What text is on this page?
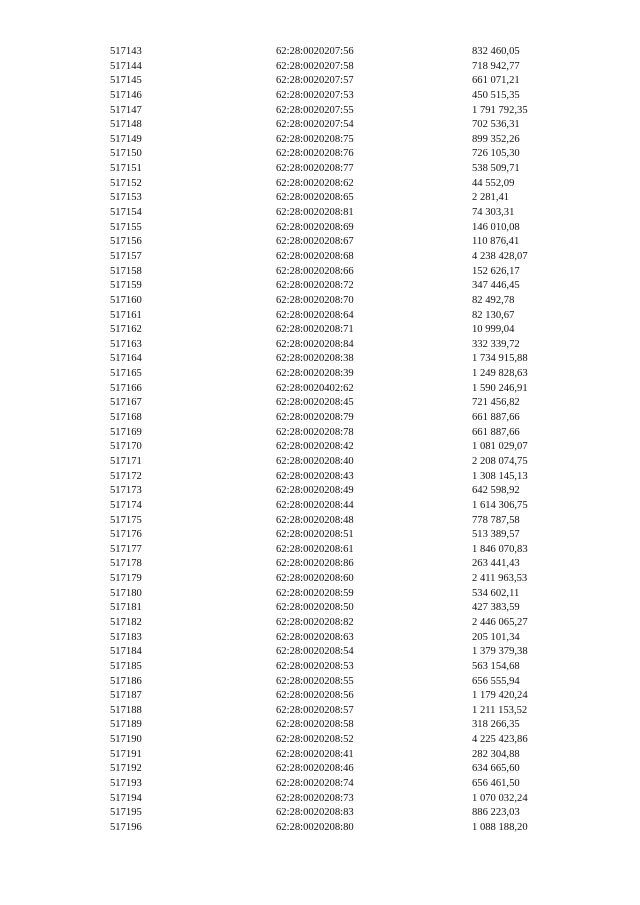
517143	62:28:0020207:56	832 460,05
517144	62:28:0020207:58	718 942,77
517145	62:28:0020207:57	661 071,21
517146	62:28:0020207:53	450 515,35
517147	62:28:0020207:55	1 791 792,35
517148	62:28:0020207:54	702 536,31
517149	62:28:0020208:75	899 352,26
517150	62:28:0020208:76	726 105,30
517151	62:28:0020208:77	538 509,71
517152	62:28:0020208:62	44 552,09
517153	62:28:0020208:65	2 281,41
517154	62:28:0020208:81	74 303,31
517155	62:28:0020208:69	146 010,08
517156	62:28:0020208:67	110 876,41
517157	62:28:0020208:68	4 238 428,07
517158	62:28:0020208:66	152 626,17
517159	62:28:0020208:72	347 446,45
517160	62:28:0020208:70	82 492,78
517161	62:28:0020208:64	82 130,67
517162	62:28:0020208:71	10 999,04
517163	62:28:0020208:84	332 339,72
517164	62:28:0020208:38	1 734 915,88
517165	62:28:0020208:39	1 249 828,63
517166	62:28:0020402:62	1 590 246,91
517167	62:28:0020208:45	721 456,82
517168	62:28:0020208:79	661 887,66
517169	62:28:0020208:78	661 887,66
517170	62:28:0020208:42	1 081 029,07
517171	62:28:0020208:40	2 208 074,75
517172	62:28:0020208:43	1 308 145,13
517173	62:28:0020208:49	642 598,92
517174	62:28:0020208:44	1 614 306,75
517175	62:28:0020208:48	778 787,58
517176	62:28:0020208:51	513 389,57
517177	62:28:0020208:61	1 846 070,83
517178	62:28:0020208:86	263 441,43
517179	62:28:0020208:60	2 411 963,53
517180	62:28:0020208:59	534 602,11
517181	62:28:0020208:50	427 383,59
517182	62:28:0020208:82	2 446 065,27
517183	62:28:0020208:63	205 101,34
517184	62:28:0020208:54	1 379 379,38
517185	62:28:0020208:53	563 154,68
517186	62:28:0020208:55	656 555,94
517187	62:28:0020208:56	1 179 420,24
517188	62:28:0020208:57	1 211 153,52
517189	62:28:0020208:58	318 266,35
517190	62:28:0020208:52	4 225 423,86
517191	62:28:0020208:41	282 304,88
517192	62:28:0020208:46	634 665,60
517193	62:28:0020208:74	656 461,50
517194	62:28:0020208:73	1 070 032,24
517195	62:28:0020208:83	886 223,03
517196	62:28:0020208:80	1 088 188,20
